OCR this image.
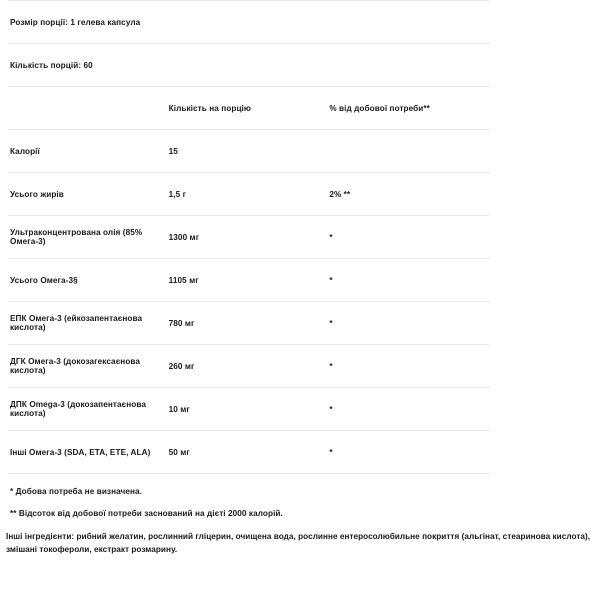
Розмір порції: 1 гелева капсула		
Кількість порцій: 60		
	Кількість на порцію	% від добової потреби**
Калорії	15	
Усього жирів	1,5 г	2% **
Ультраконцентрована олія (85% Омега-3)	1300 мг	*
Усього Омега-3§	1105 мг	*
ЕПК Омега-3 (ейкозапентаєнова кислота)	780 мг	*
ДГК Омега-3 (докозагексаєнова кислота)	260 мг	*
ДПК Omega-3 (докозапентаєнова кислота)	10 мг	*
Інші Омега-3 (SDA, ETA, ETE, ALA)	50 мг	*
* Добова потреба не визначена.
** Відсоток від добової потреби заснований на дієті 2000 калорій.

Інші інгредієнти: рибний желатин, рослинний гліцерин, очищена вода, рослинне ентеросолюбильне покриття (альгінат, стеаринова кислота), змішані токофероли, екстракт розмарину.
